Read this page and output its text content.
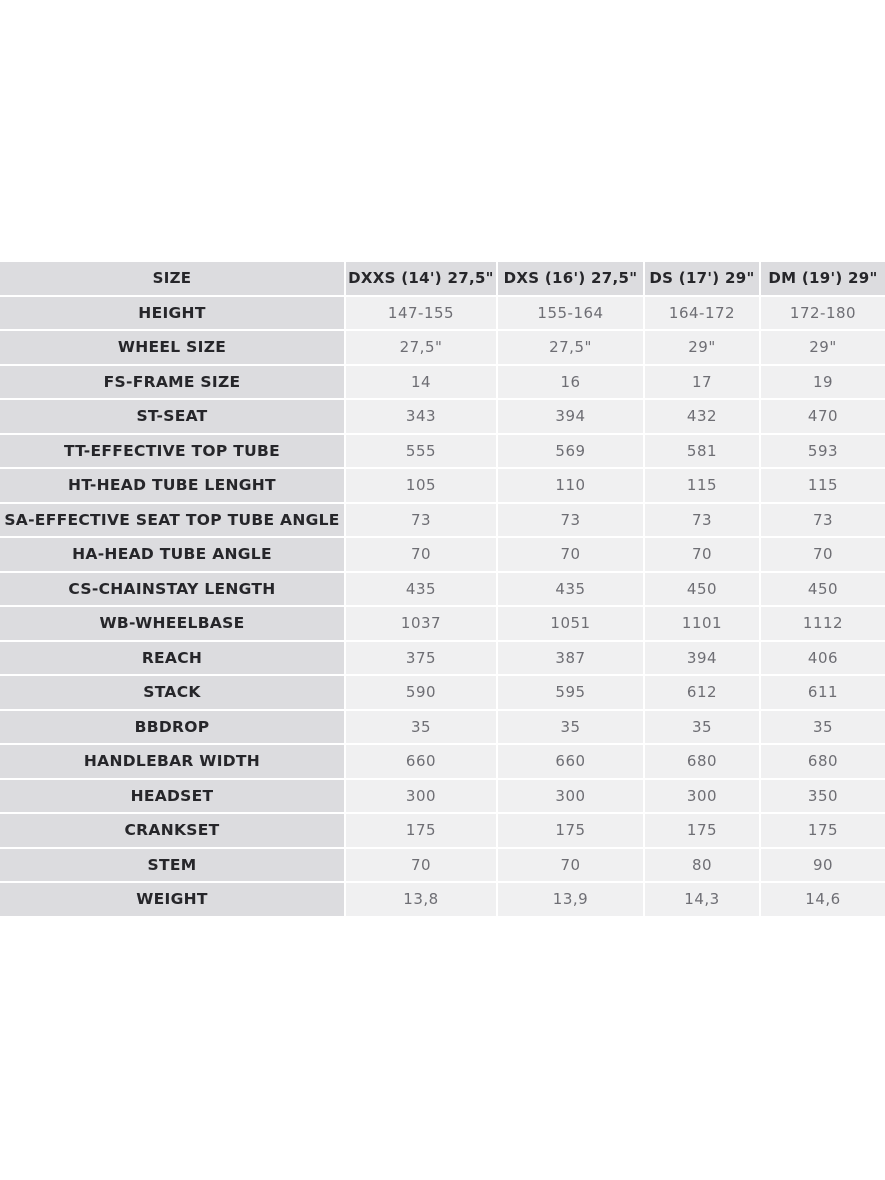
SIZE	DXXS (14') 27,5"	DXS (16') 27,5"	DS (17') 29"	DM (19') 29"
HEIGHT	147-155	155-164	164-172	172-180
WHEEL SIZE	27,5"	27,5"	29"	29"
FS-FRAME SIZE	14	16	17	19
ST-SEAT	343	394	432	470
TT-EFFECTIVE TOP TUBE	555	569	581	593
HT-HEAD TUBE LENGHT	105	110	115	115
SA-EFFECTIVE SEAT TOP TUBE ANGLE	73	73	73	73
HA-HEAD TUBE ANGLE	70	70	70	70
CS-CHAINSTAY LENGTH	435	435	450	450
WB-WHEELBASE	1037	1051	1101	1112
REACH	375	387	394	406
STACK	590	595	612	611
BBDROP	35	35	35	35
HANDLEBAR WIDTH	660	660	680	680
HEADSET	300	300	300	350
CRANKSET	175	175	175	175
STEM	70	70	80	90
WEIGHT	13,8	13,9	14,3	14,6
